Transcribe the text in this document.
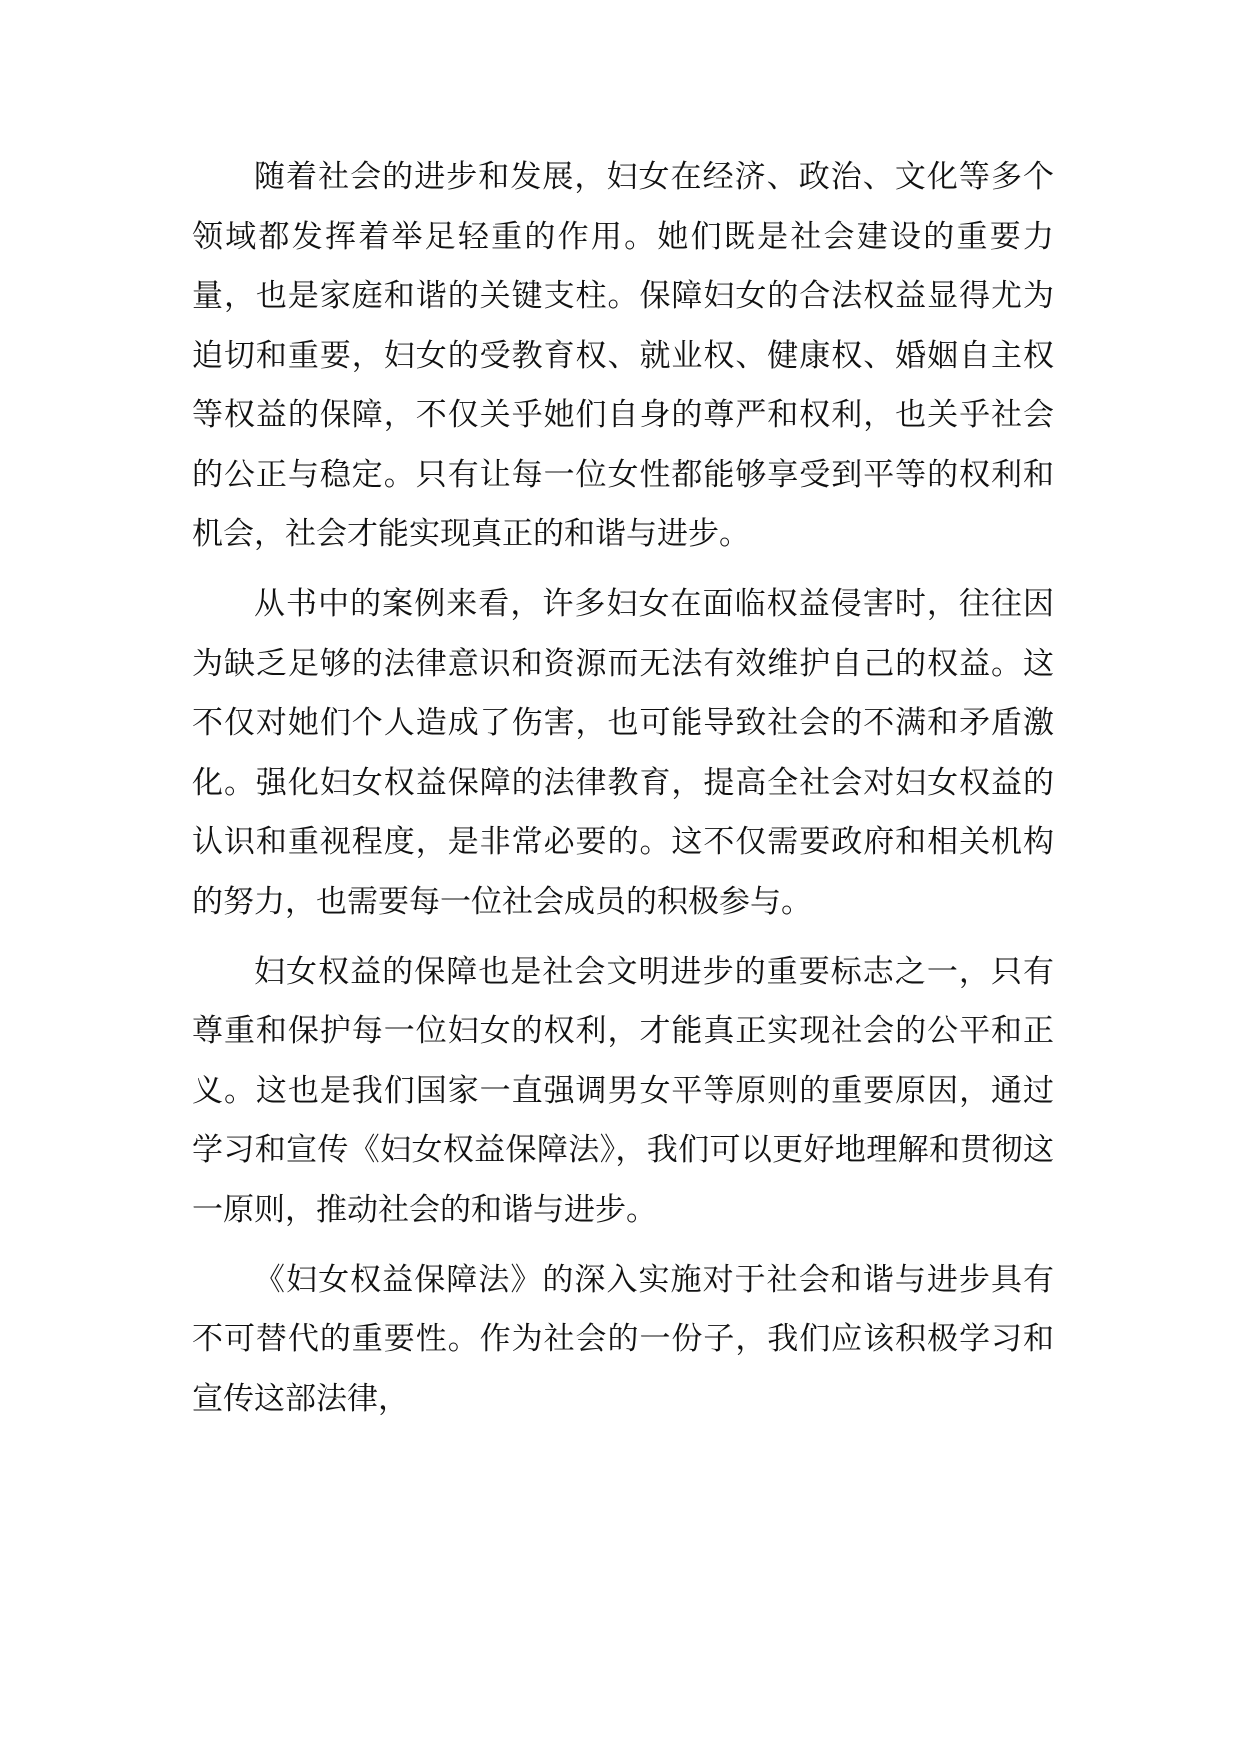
随着社会的进步和发展，妇女在经济、政治、文化等多个领域都发挥着举足轻重的作用。她们既是社会建设的重要力量，也是家庭和谐的关键支柱。保障妇女的合法权益显得尤为迫切和重要，妇女的受教育权、就业权、健康权、婚姻自主权等权益的保障，不仅关乎她们自身的尊严和权利，也关乎社会的公正与稳定。只有让每一位女性都能够享受到平等的权利和机会，社会才能实现真正的和谐与进步。

从书中的案例来看，许多妇女在面临权益侵害时，往往因为缺乏足够的法律意识和资源而无法有效维护自己的权益。这不仅对她们个人造成了伤害，也可能导致社会的不满和矛盾激化。强化妇女权益保障的法律教育，提高全社会对妇女权益的认识和重视程度，是非常必要的。这不仅需要政府和相关机构的努力，也需要每一位社会成员的积极参与。

妇女权益的保障也是社会文明进步的重要标志之一，只有尊重和保护每一位妇女的权利，才能真正实现社会的公平和正义。这也是我们国家一直强调男女平等原则的重要原因，通过学习和宣传《妇女权益保障法》，我们可以更好地理解和贯彻这一原则，推动社会的和谐与进步。

《妇女权益保障法》的深入实施对于社会和谐与进步具有不可替代的重要性。作为社会的一份子，我们应该积极学习和宣传这部法律，
